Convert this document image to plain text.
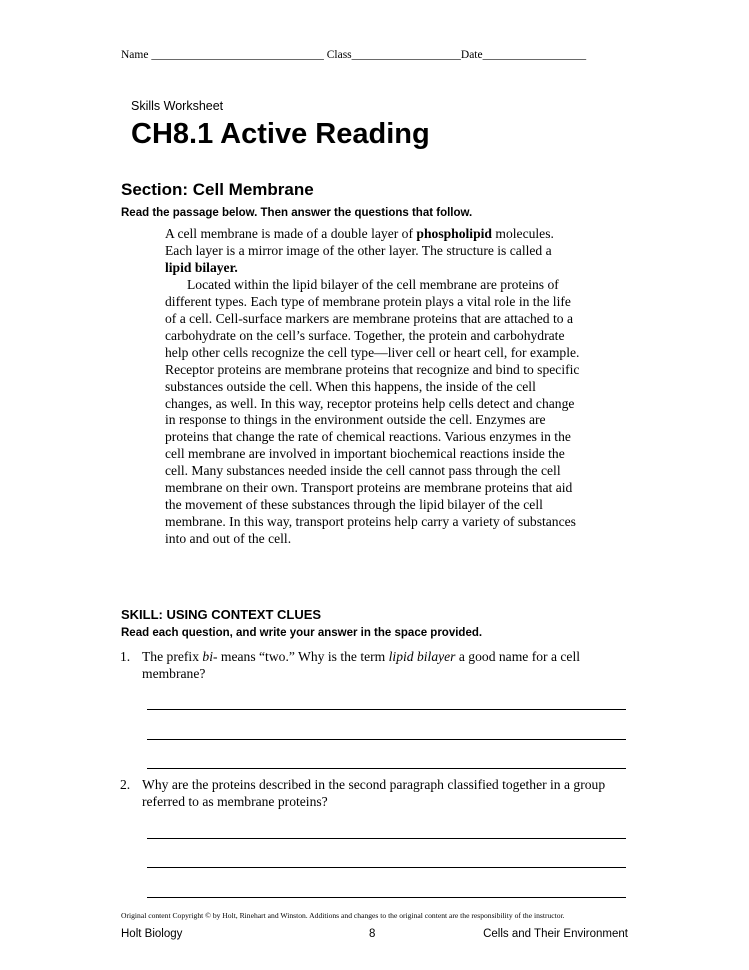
Name ______________________________ Class___________________Date__________________
Skills Worksheet
CH8.1 Active Reading
Section: Cell Membrane
Read the passage below. Then answer the questions that follow.

A cell membrane is made of a double layer of phospholipid molecules. Each layer is a mirror image of the other layer. The structure is called a lipid bilayer.

Located within the lipid bilayer of the cell membrane are proteins of different types. Each type of membrane protein plays a vital role in the life of a cell. Cell-surface markers are membrane proteins that are attached to a carbohydrate on the cell’s surface. Together, the protein and carbohydrate help other cells recognize the cell type—liver cell or heart cell, for example. Receptor proteins are membrane proteins that recognize and bind to specific substances outside the cell. When this happens, the inside of the cell changes, as well. In this way, receptor proteins help cells detect and change in response to things in the environment outside the cell. Enzymes are proteins that change the rate of chemical reactions. Various enzymes in the cell membrane are involved in important biochemical reactions inside the cell. Many substances needed inside the cell cannot pass through the cell membrane on their own. Transport proteins are membrane proteins that aid the movement of these substances through the lipid bilayer of the cell membrane. In this way, transport proteins help carry a variety of substances into and out of the cell.

SKILL: USING CONTEXT CLUES
Read each question, and write your answer in the space provided.
1. The prefix bi- means “two.” Why is the term lipid bilayer a good name for a cell membrane?
2. Why are the proteins described in the second paragraph classified together in a group referred to as membrane proteins?
Original content Copyright © by Holt, Rinehart and Winston. Additions and changes to the original content are the responsibility of the instructor.
Holt Biology	8	Cells and Their Environment
